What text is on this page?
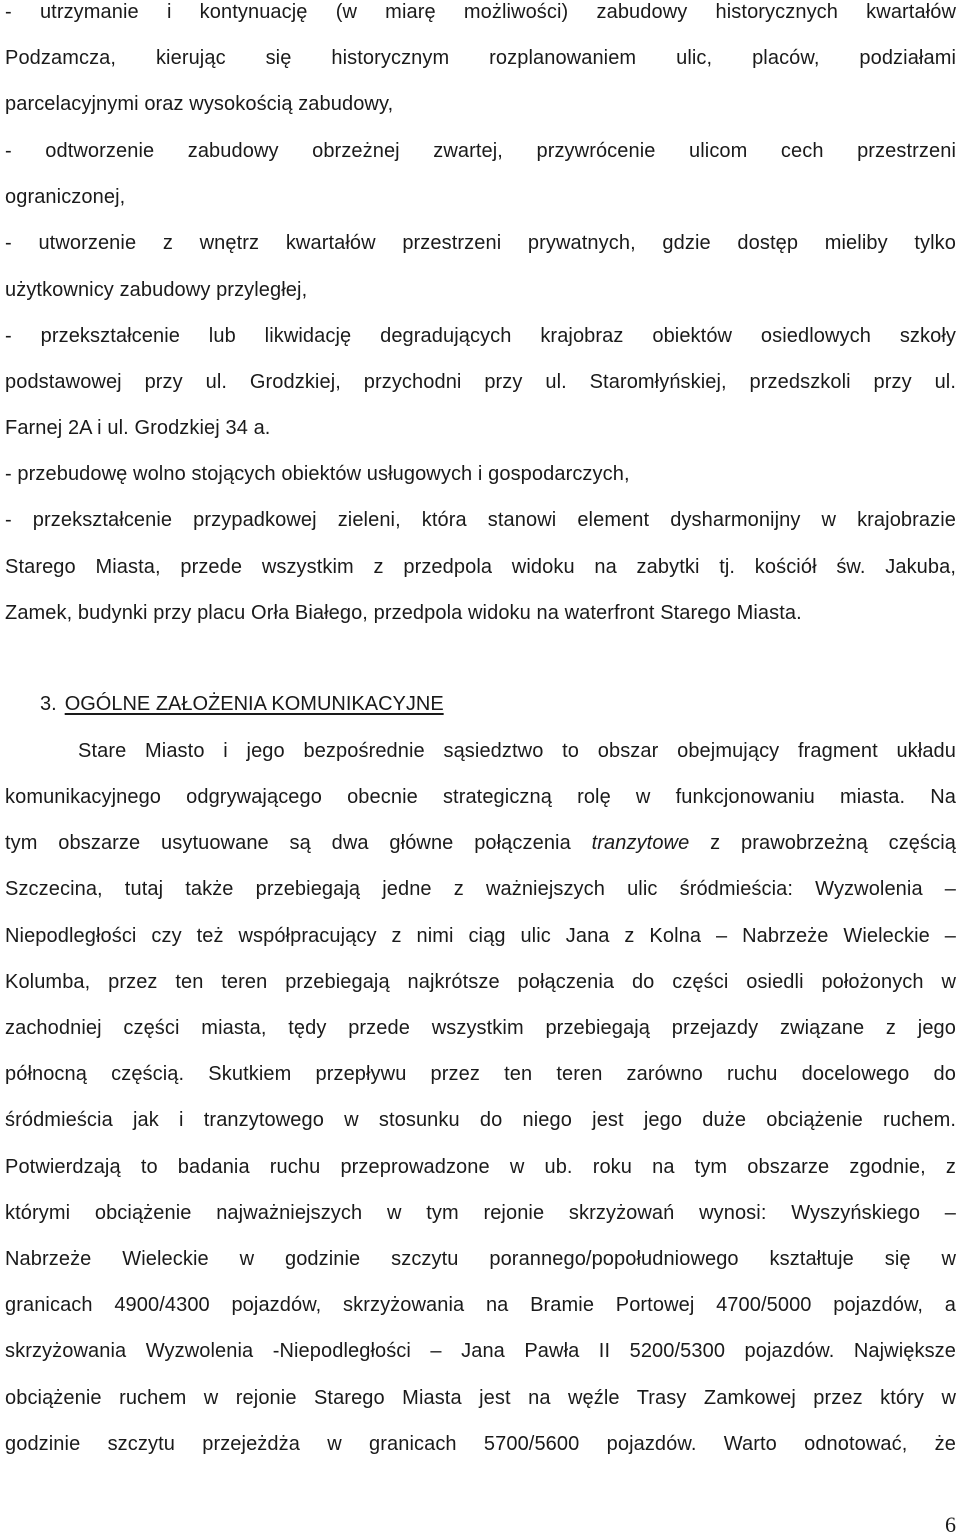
- utrzymanie i kontynuację (w miarę możliwości) zabudowy historycznych kwartałów
Podzamcza, kierując się historycznym rozplanowaniem ulic, placów, podziałami
parcelacyjnymi oraz wysokością zabudowy,
- odtworzenie zabudowy obrzeżnej zwartej, przywrócenie ulicom cech przestrzeni
ograniczonej,
- utworzenie z wnętrz kwartałów przestrzeni prywatnych, gdzie dostęp mieliby tylko
użytkownicy zabudowy przyległej,
- przekształcenie lub likwidację degradujących krajobraz obiektów osiedlowych szkoły
podstawowej przy ul. Grodzkiej, przychodni przy ul. Staromłyńskiej, przedszkoli przy ul.
Farnej 2A i ul. Grodzkiej 34 a.
- przebudowę wolno stojących obiektów usługowych i gospodarczych,
- przekształcenie przypadkowej zieleni, która stanowi element dysharmonijny w krajobrazie
Starego Miasta, przede wszystkim z przedpola widoku na zabytki tj. kościół św. Jakuba,
Zamek, budynki przy placu Orła Białego, przedpola widoku na waterfront Starego Miasta.
3. OGÓLNE ZAŁOŻENIA KOMUNIKACYJNE
Stare Miasto i jego bezpośrednie sąsiedztwo to obszar obejmujący fragment układu
komunikacyjnego odgrywającego obecnie strategiczną rolę w funkcjonowaniu miasta. Na
tym obszarze usytuowane są dwa główne połączenia tranzytowe z prawobrzeżną częścią
Szczecina, tutaj także przebiegają jedne z ważniejszych ulic śródmieścia: Wyzwolenia –
Niepodległości czy też współpracujący z nimi ciąg ulic Jana z Kolna – Nabrzeże Wieleckie –
Kolumba, przez ten teren przebiegają najkrótsze połączenia do części osiedli położonych w
zachodniej części miasta, tędy przede wszystkim przebiegają przejazdy związane z jego
północną częścią. Skutkiem przepływu przez ten teren zarówno ruchu docelowego do
śródmieścia jak i tranzytowego w stosunku do niego jest jego duże obciążenie ruchem.
Potwierdzają to badania ruchu przeprowadzone w ub. roku na tym obszarze zgodnie, z
którymi obciążenie najważniejszych w tym rejonie skrzyżowań wynosi: Wyszyńskiego –
Nabrzeże Wieleckie w godzinie szczytu porannego/popołudniowego kształtuje się w
granicach 4900/4300 pojazdów, skrzyżowania na Bramie Portowej 4700/5000 pojazdów, a
skrzyżowania Wyzwolenia -Niepodległości – Jana Pawła II 5200/5300 pojazdów. Największe
obciążenie ruchem w rejonie Starego Miasta jest na węźle Trasy Zamkowej przez który w
godzinie szczytu przejeżdża w granicach 5700/5600 pojazdów. Warto odnotować, że
6
